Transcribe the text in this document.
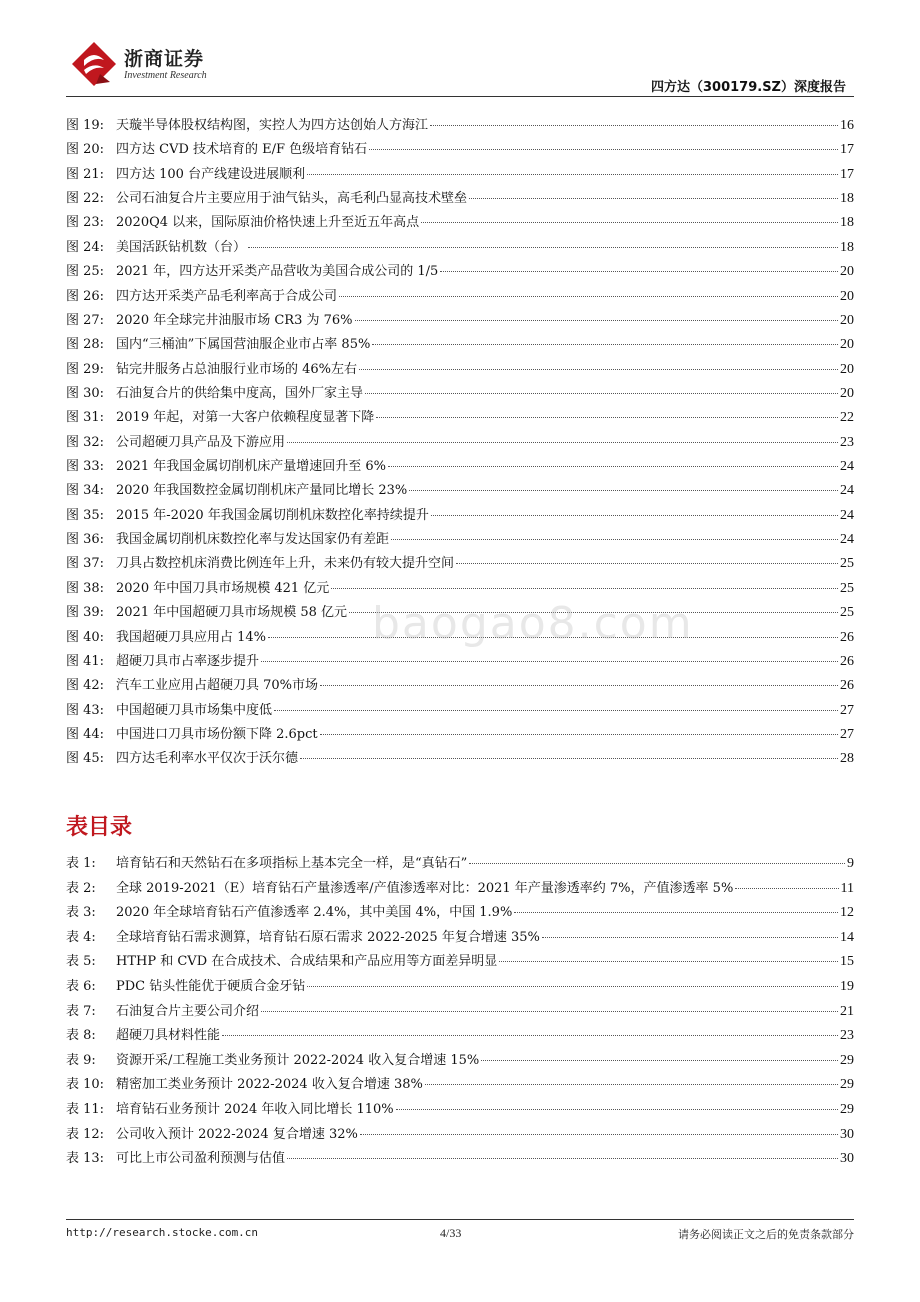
浙商证券
Investment Research
四方达（300179.SZ）深度报告
图 19: 天璇半导体股权结构图，实控人为四方达创始人方海江	16
图 20: 四方达 CVD 技术培育的 E/F 色级培育钻石	17
图 21: 四方达 100 台产线建设进展顺利	17
图 22: 公司石油复合片主要应用于油气钻头，高毛利凸显高技术壁垒	18
图 23: 2020Q4 以来，国际原油价格快速上升至近五年高点	18
图 24: 美国活跃钻机数（台）	18
图 25: 2021 年，四方达开采类产品营收为美国合成公司的 1/5	20
图 26: 四方达开采类产品毛利率高于合成公司	20
图 27: 2020 年全球完井油服市场 CR3 为 76%	20
图 28: 国内“三桶油”下属国营油服企业市占率 85%	20
图 29: 钻完井服务占总油服行业市场的 46%左右	20
图 30: 石油复合片的供给集中度高，国外厂家主导	20
图 31: 2019 年起，对第一大客户依赖程度显著下降	22
图 32: 公司超硬刀具产品及下游应用	23
图 33: 2021 年我国金属切削机床产量增速回升至 6%	24
图 34: 2020 年我国数控金属切削机床产量同比增长 23%	24
图 35: 2015 年-2020 年我国金属切削机床数控化率持续提升	24
图 36: 我国金属切削机床数控化率与发达国家仍有差距	24
图 37: 刀具占数控机床消费比例连年上升，未来仍有较大提升空间	25
图 38: 2020 年中国刀具市场规模 421 亿元	25
图 39: 2021 年中国超硬刀具市场规模 58 亿元	25
图 40: 我国超硬刀具应用占 14%	26
图 41: 超硬刀具市占率逐步提升	26
图 42: 汽车工业应用占超硬刀具 70%市场	26
图 43: 中国超硬刀具市场集中度低	27
图 44: 中国进口刀具市场份额下降 2.6pct	27
图 45: 四方达毛利率水平仅次于沃尔德	28
表目录
表 1:	培育钻石和天然钻石在多项指标上基本完全一样，是“真钻石”	9
表 2:	全球 2019-2021（E）培育钻石产量渗透率/产值渗透率对比：2021 年产量渗透率约 7%，产值渗透率 5%	11
表 3:	2020 年全球培育钻石产值渗透率 2.4%，其中美国 4%，中国 1.9%	12
表 4:	全球培育钻石需求测算，培育钻石原石需求 2022-2025 年复合增速 35%	14
表 5:	HTHP 和 CVD 在合成技术、合成结果和产品应用等方面差异明显	15
表 6:	PDC 钻头性能优于硬质合金牙钻	19
表 7:	石油复合片主要公司介绍	21
表 8:	超硬刀具材料性能	23
表 9:	资源开采/工程施工类业务预计 2022-2024 收入复合增速 15%	29
表 10: 精密加工类业务预计 2022-2024 收入复合增速 38%	29
表 11: 培育钻石业务预计 2024 年收入同比增长 110%	29
表 12: 公司收入预计 2022-2024 复合增速 32%	30
表 13: 可比上市公司盈利预测与估值	30
baogao8.com
http://research.stocke.com.cn	4/33	请务必阅读正文之后的免责条款部分
